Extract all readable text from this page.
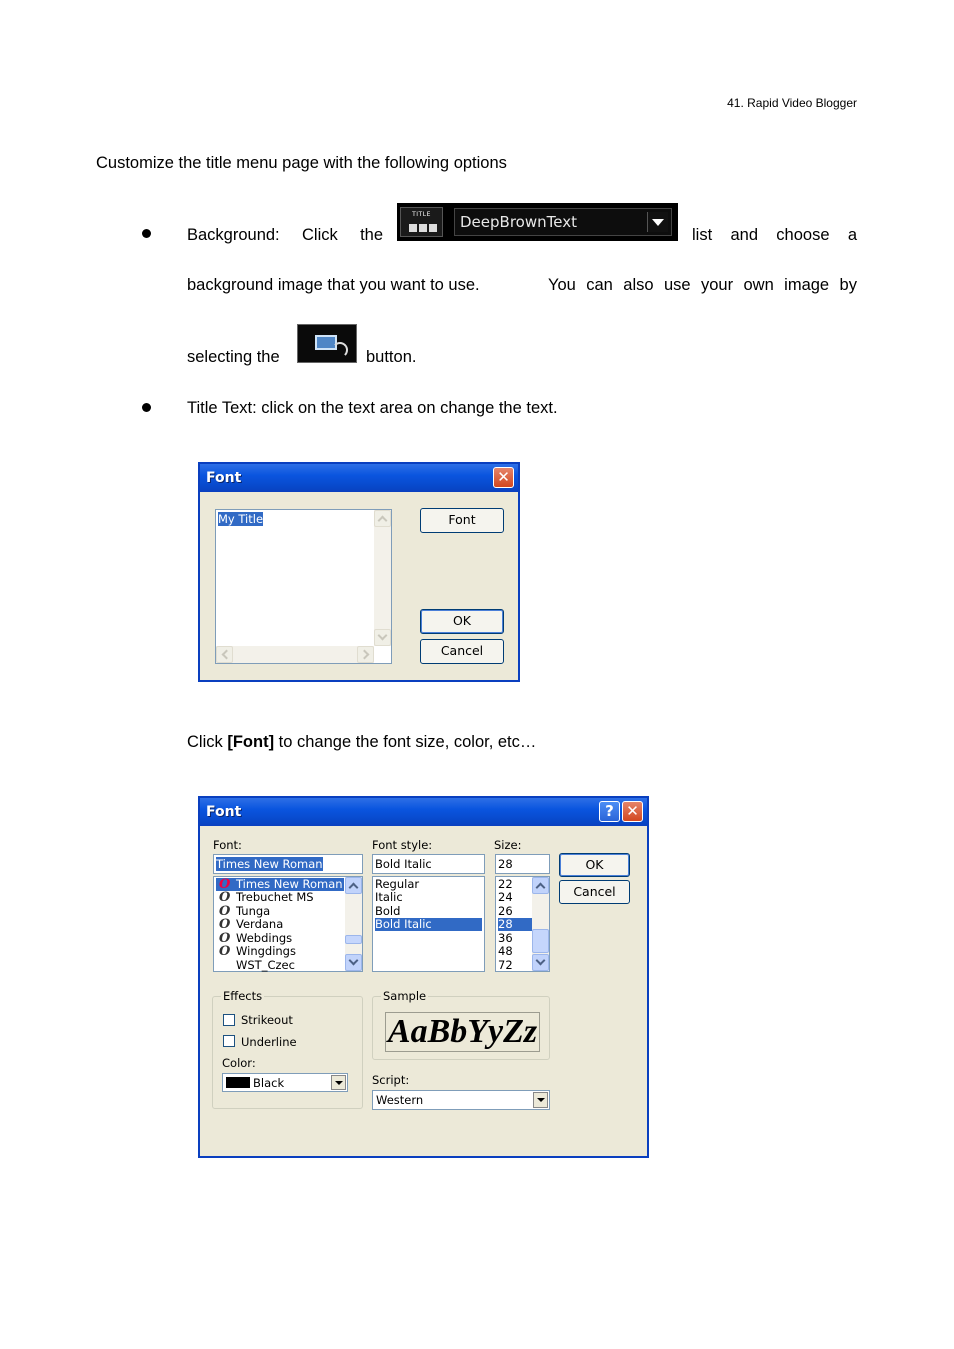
41. Rapid Video Blogger
Customize the title menu page with the following options
Background: Click the
TITLE	DeepBrownText
list and choose a
background image that you want to use.	You can also use your own image by
selecting the	button.
Title Text: click on the text area on change the text.
Font	✕
My Title	Font
OK
Cancel
Click [Font] to change the font size, color, etc…
Font	? ✕
Font:
Times New Roman
O Times New Roman
O Trebuchet MS
O Tunga
O Verdana
O Webdings
O Wingdings
WST_Czec
Font style:
Bold Italic
Regular
Italic
Bold
Bold Italic
Size:
28
22
24
26
28
36
48
72
OK
Cancel
Effects
Strikeout
Underline
Color:
Black
Sample
AaBbYyZz
Script:
Western
